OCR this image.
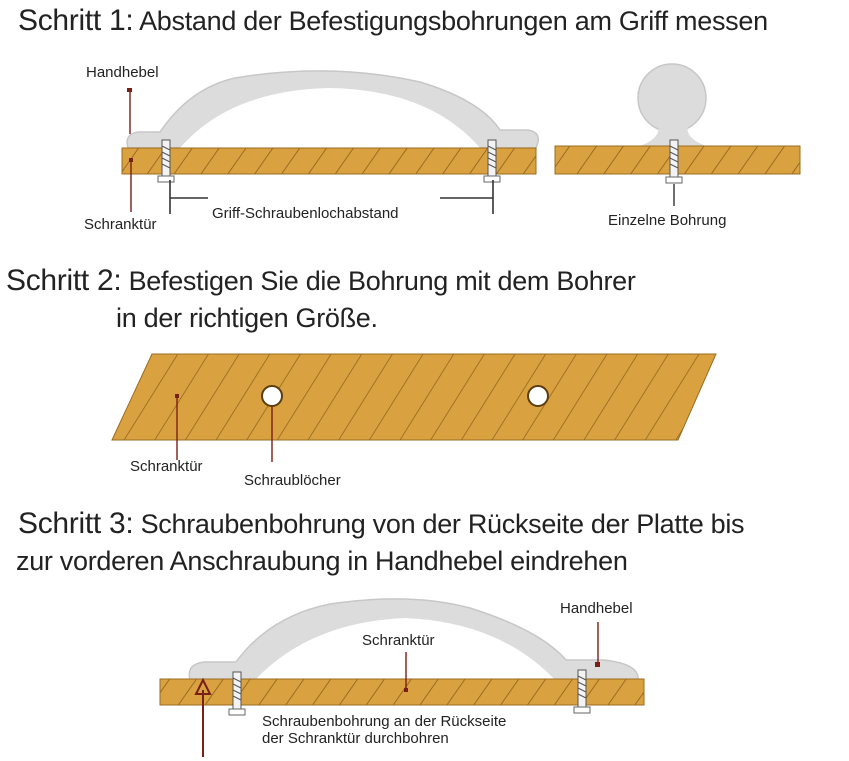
Schritt 1: Abstand der Befestigungsbohrungen am Griff messen
Handhebel
Schranktür
Griff-Schraubenlochabstand	Einzelne Bohrung
Schritt 2: Befestigen Sie die Bohrung mit dem Bohrer
in der richtigen Größe.
Schranktür
Schraublöcher
Schritt 3: Schraubenbohrung von der Rückseite der Platte bis
zur vorderen Anschraubung in Handhebel eindrehen
Handhebel
Schranktür
Schraubenbohrung an der Rückseite
der Schranktür durchbohren
